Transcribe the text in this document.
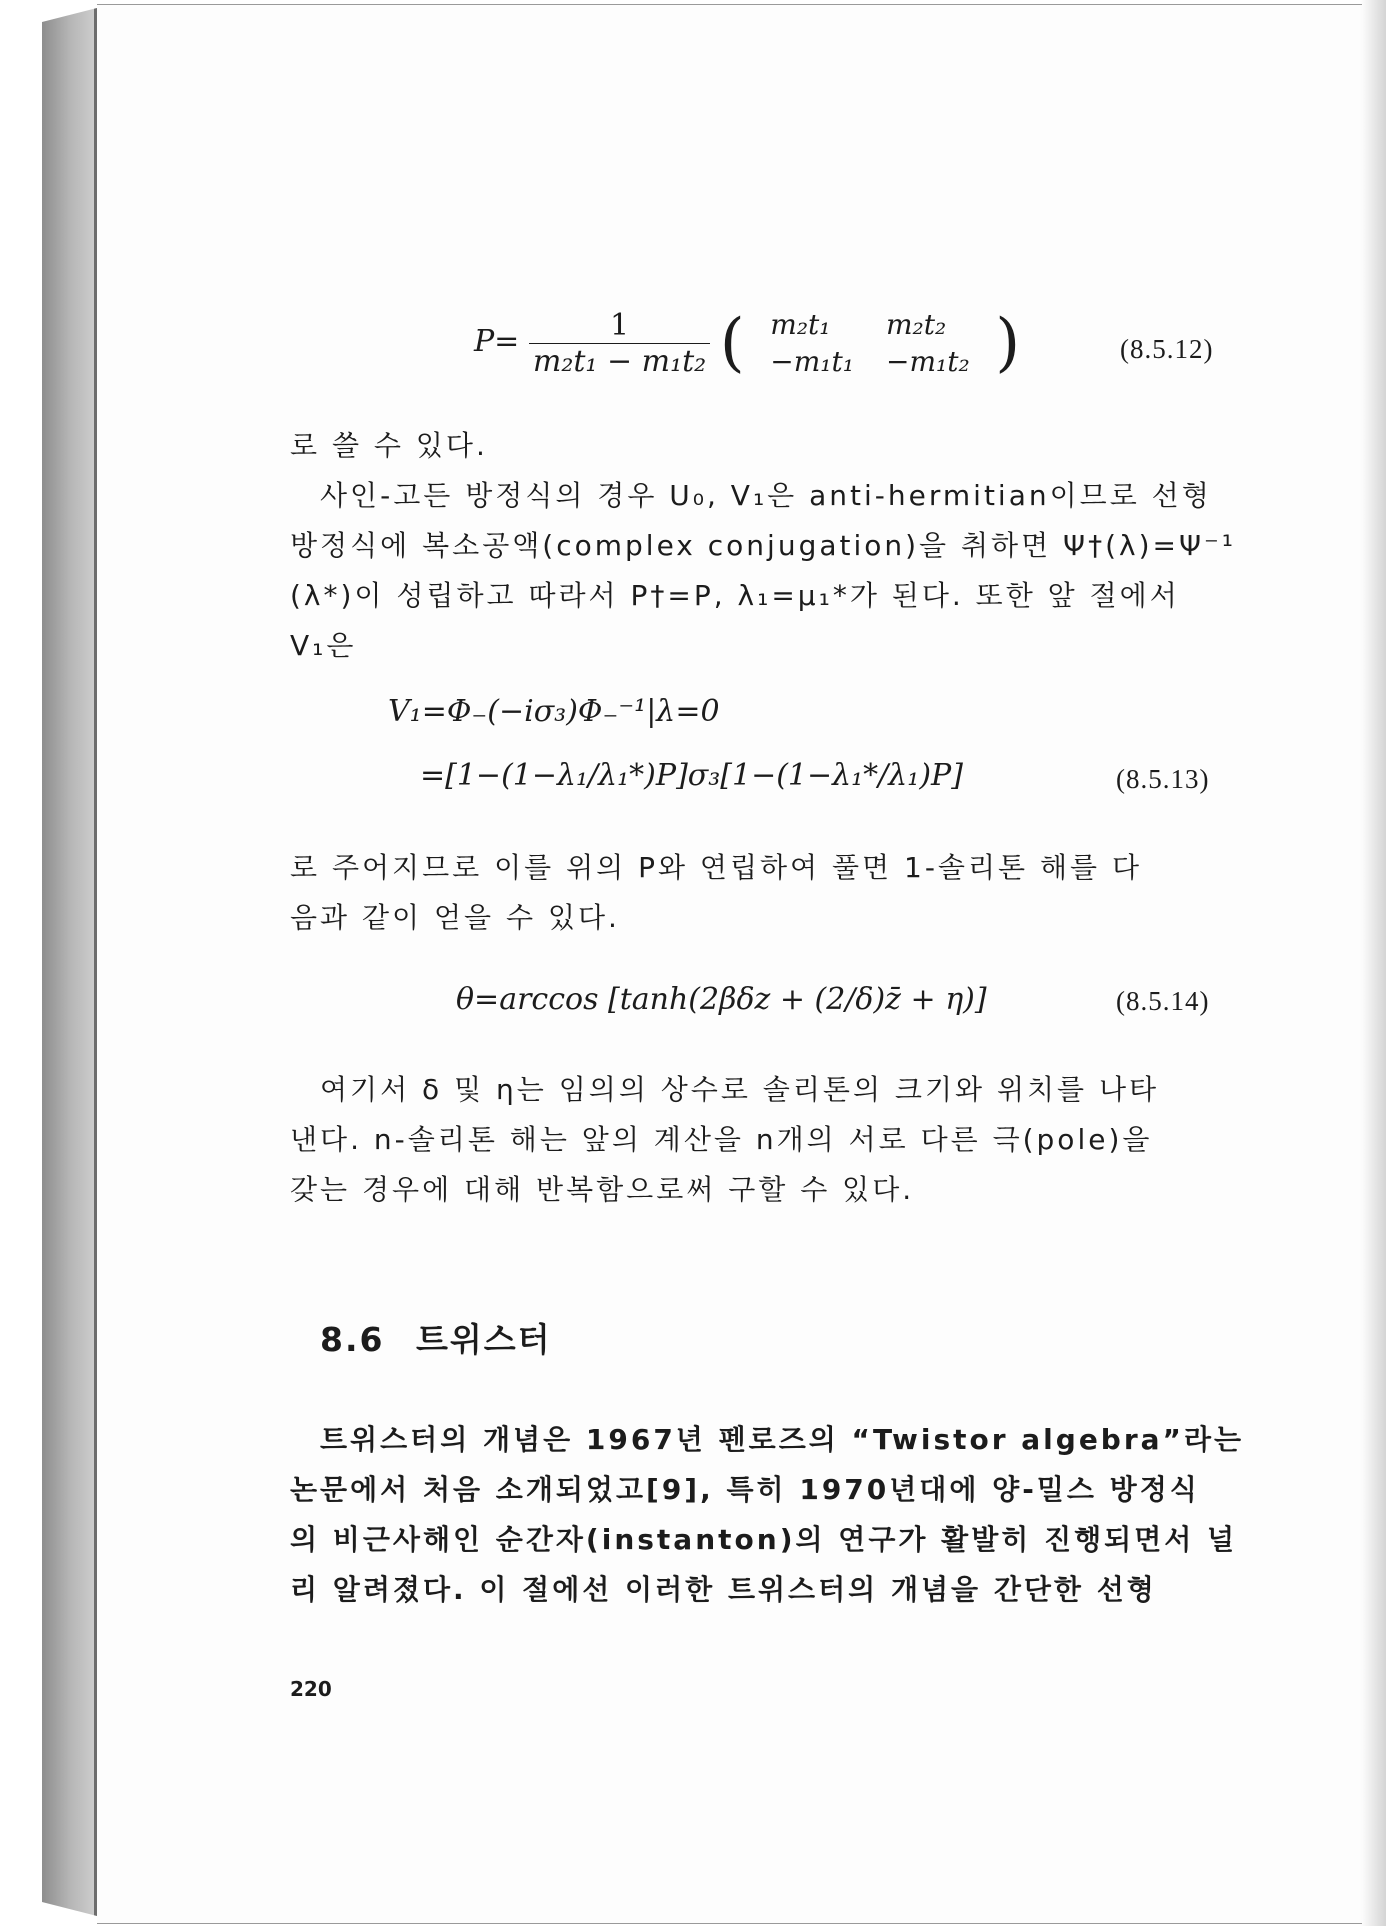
$P= \frac{1}{\text{m₂t₁ − m₁t₂}}$ ( m₂t₁	m₂t₂
−m₁t₁	−m₁t₂ )	(8.5.12)
로 쓸 수 있다.
사인-고든 방정식의 경우 U₀, V₁은 anti-hermitian이므로 선형
방정식에 복소공액(complex conjugation)을 취하면 Ψ†(λ)=Ψ⁻¹
(λ*)이 성립하고 따라서 P†=P, λ₁=μ₁*가 된다. 또한 앞 절에서
V₁은
V₁=Φ₋(−iσ₃)Φ₋⁻¹|λ=0
=[1−(1−λ₁/λ₁*)P]σ₃[1−(1−λ₁*/λ₁)P]	(8.5.13)
로 주어지므로 이를 위의 P와 연립하여 풀면 1-솔리톤 해를 다
음과 같이 얻을 수 있다.
θ=arccos [tanh(2βδz + (2/δ)z̄ + η)]	(8.5.14)
여기서 δ 및 η는 임의의 상수로 솔리톤의 크기와 위치를 나타
낸다. n-솔리톤 해는 앞의 계산을 n개의 서로 다른 극(pole)을
갖는 경우에 대해 반복함으로써 구할 수 있다.
8.6 트위스터
트위스터의 개념은 1967년 펜로즈의 “Twistor algebra”라는
논문에서 처음 소개되었고[9], 특히 1970년대에 양-밀스 방정식
의 비근사해인 순간자(instanton)의 연구가 활발히 진행되면서 널
리 알려졌다. 이 절에선 이러한 트위스터의 개념을 간단한 선형
220
